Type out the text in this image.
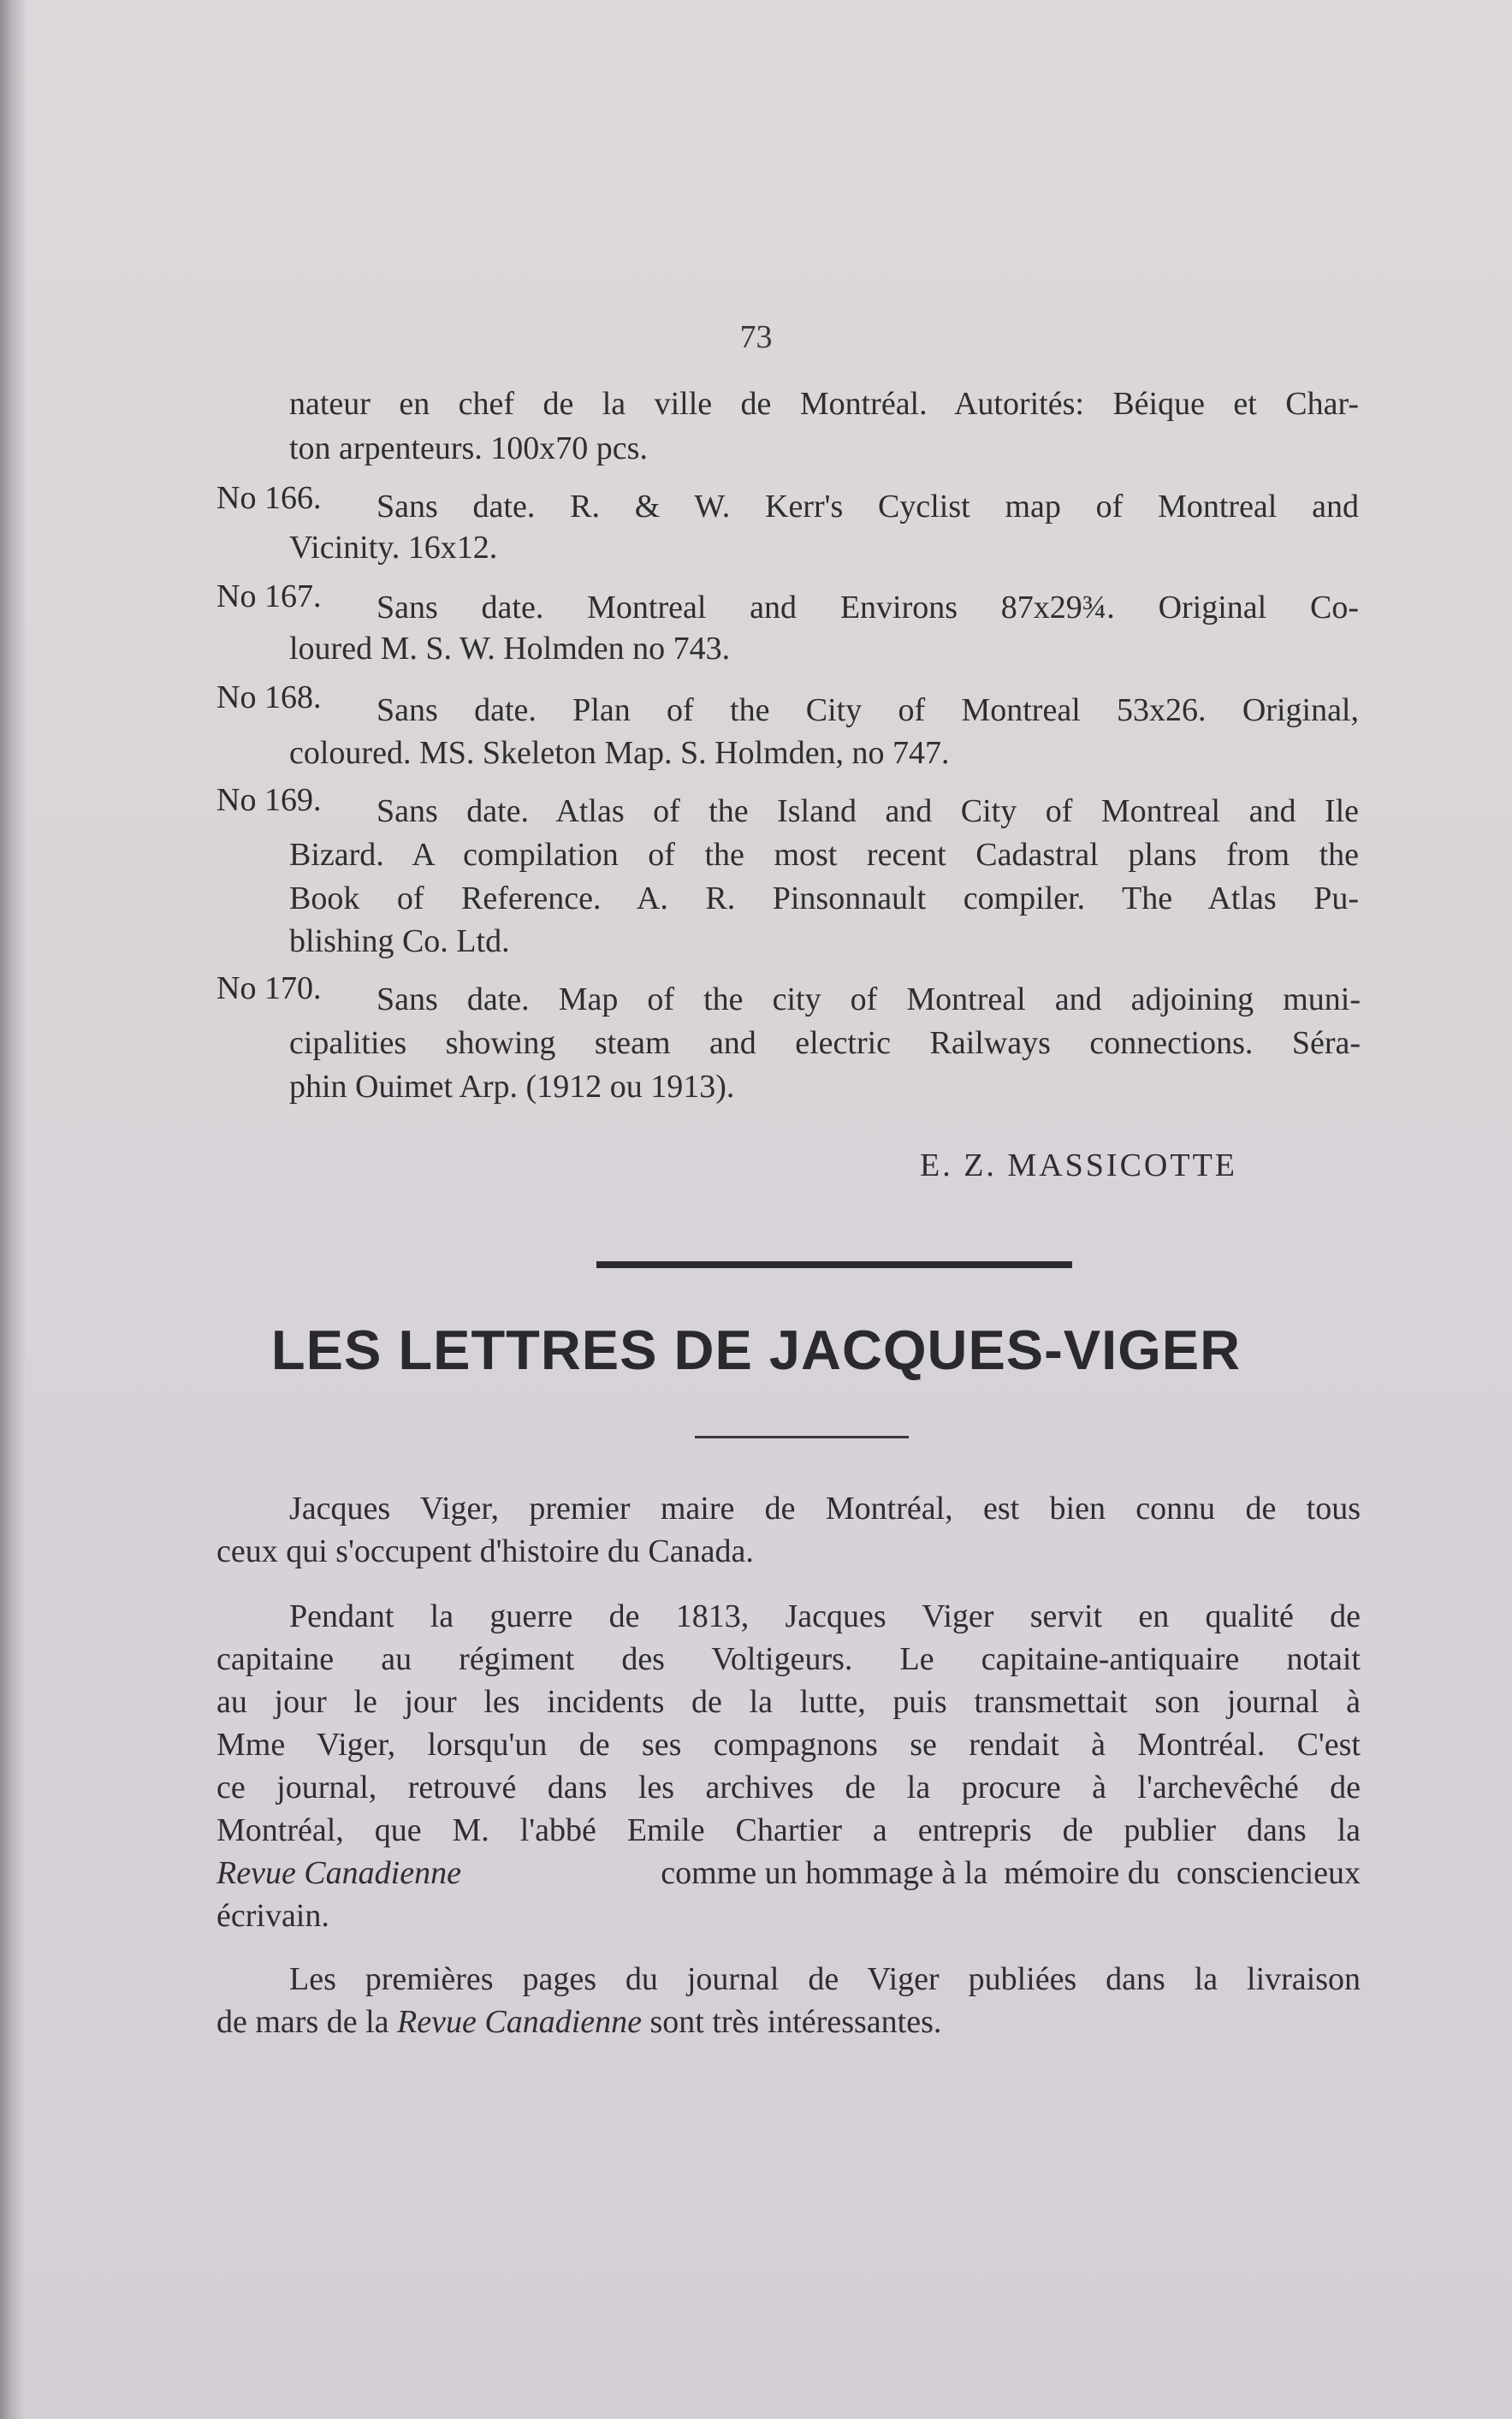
73

nateur en chef de la ville de Montréal. Autorités: Béique et Char-

ton arpenteurs. 100x70 pcs.

No 166. Sans date. R. & W. Kerr's Cyclist map of Montreal and

Vicinity. 16x12.

No 167. Sans date. Montreal and Environs 87x29¾. Original Co-

loured M. S. W. Holmden no 743.

No 168. Sans date. Plan of the City of Montreal 53x26. Original,

coloured. MS. Skeleton Map. S. Holmden, no 747.

No 169. Sans date. Atlas of the Island and City of Montreal and Ile

Bizard. A compilation of the most recent Cadastral plans from the

Book of Reference. A. R. Pinsonnault compiler. The Atlas Pu-

blishing Co. Ltd.

No 170. Sans date. Map of the city of Montreal and adjoining muni-

cipalities showing steam and electric Railways connections. Séra-

phin Ouimet Arp. (1912 ou 1913).

E. Z. MASSICOTTE
LES LETTRES DE JACQUES-VIGER

Jacques Viger, premier maire de Montréal, est bien connu de tous

ceux qui s'occupent d'histoire du Canada.

Pendant la guerre de 1813, Jacques Viger servit en qualité de

capitaine au régiment des Voltigeurs. Le capitaine-antiquaire notait

au jour le jour les incidents de la lutte, puis transmettait son journal à

Mme Viger, lorsqu'un de ses compagnons se rendait à Montréal. C'est

ce journal, retrouvé dans les archives de la procure à l'archevêché de

Montréal, que M. l'abbé Emile Chartier a entrepris de publier dans la

Revue Canadienne	comme un hommage à la  mémoire du  consciencieux

écrivain.

Les premières pages du journal de Viger publiées dans la livraison

de mars de la Revue Canadienne sont très intéressantes.
